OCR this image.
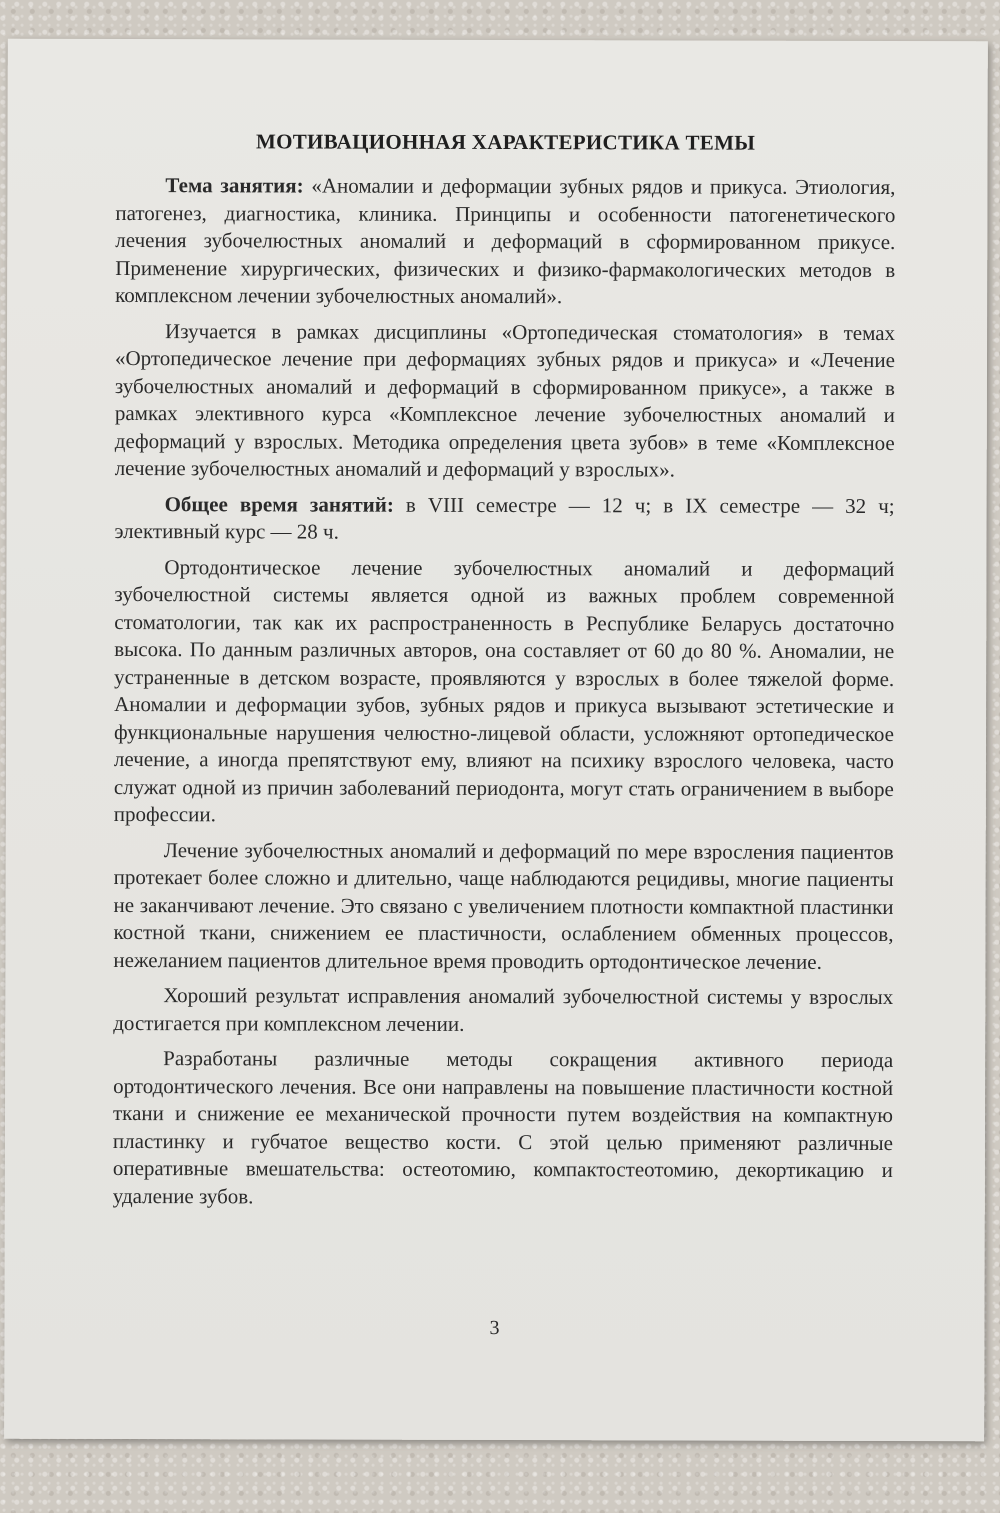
МОТИВАЦИОННАЯ ХАРАКТЕРИСТИКА ТЕМЫ

Тема занятия: «Аномалии и деформации зубных рядов и прикуса. Этиология, патогенез, диагностика, клиника. Принципы и особенности патогенетического лечения зубочелюстных аномалий и деформаций в сформированном прикусе. Применение хирургических, физических и физико-фармакологических методов в комплексном лечении зубочелюстных аномалий».

Изучается в рамках дисциплины «Ортопедическая стоматология» в темах «Ортопедическое лечение при деформациях зубных рядов и прикуса» и «Лечение зубочелюстных аномалий и деформаций в сформированном прикусе», а также в рамках элективного курса «Комплексное лечение зубочелюстных аномалий и деформаций у взрослых. Методика определения цвета зубов» в теме «Комплексное лечение зубочелюстных аномалий и деформаций у взрослых».

Общее время занятий: в VIII семестре — 12 ч; в IX семестре — 32 ч; элективный курс — 28 ч.

Ортодонтическое лечение зубочелюстных аномалий и деформаций зубочелюстной системы является одной из важных проблем современной стоматологии, так как их распространенность в Республике Беларусь достаточно высока. По данным различных авторов, она составляет от 60 до 80 %. Аномалии, не устраненные в детском возрасте, проявляются у взрослых в более тяжелой форме. Аномалии и деформации зубов, зубных рядов и прикуса вызывают эстетические и функциональные нарушения челюстно-лицевой области, усложняют ортопедическое лечение, а иногда препятствуют ему, влияют на психику взрослого человека, часто служат одной из причин заболеваний периодонта, могут стать ограничением в выборе профессии.

Лечение зубочелюстных аномалий и деформаций по мере взросления пациентов протекает более сложно и длительно, чаще наблюдаются рецидивы, многие пациенты не заканчивают лечение. Это связано с увеличением плотности компактной пластинки костной ткани, снижением ее пластичности, ослаблением обменных процессов, нежеланием пациентов длительное время проводить ортодонтическое лечение.

Хороший результат исправления аномалий зубочелюстной системы у взрослых достигается при комплексном лечении.

Разработаны различные методы сокращения активного периода ортодонтического лечения. Все они направлены на повышение пластичности костной ткани и снижение ее механической прочности путем воздействия на компактную пластинку и губчатое вещество кости. С этой целью применяют различные оперативные вмешательства: остеотомию, компактостеотомию, декортикацию и удаление зубов.

3
